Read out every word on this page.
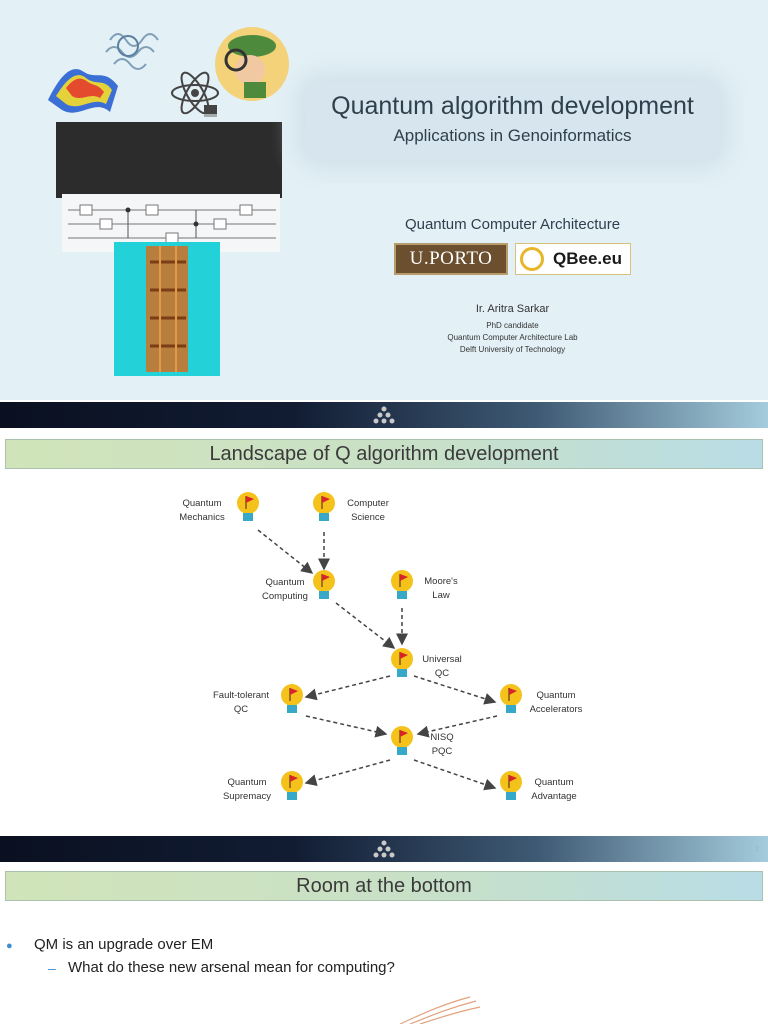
Quantum algorithm development
Applications in Genoinformatics
Quantum Computer Architecture
U.PORTO	QBee.eu
Ir. Aritra Sarkar
PhD candidate
Quantum Computer Architecture Lab
Delft University of Technology
Landscape of Q algorithm development
Quantum
Mechanics
Computer
Science
Quantum
Computing
Moore's
Law
Universal
QC
Fault-tolerant
QC
Quantum
Accelerators
NISQ
PQC
Quantum
Supremacy
Quantum
Advantage
2
Room at the bottom
● QM is an upgrade over EM
– What do these new arsenal mean for computing?
